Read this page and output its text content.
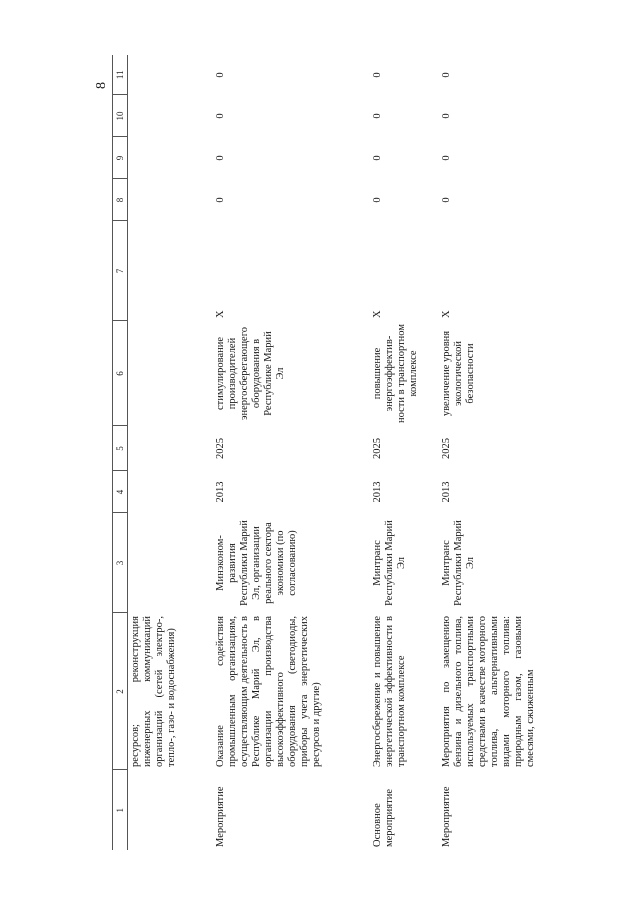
8
1	2	3	4	5	6	7	8	9	10	11
	ресурсов; реконструкция инженерных коммуникаций организаций (сетей электро-, тепло-, газо- и водоснабжения)									
Мероприятие	Оказание содействия промышленным организациям, осуществляющим деятельность в Республике Марий Эл, в организации производства высокоэффективного оборудования (светодиоды, приборы учета энергетических ресурсов и другие)	Минэконом-развития Республики Марий Эл, организации реального сектора экономики (по согласованию)	2013	2025	стимулирование производителей энергосберегающего оборудования в Республике Марий Эл	Х	0	0	0	0
Основное мероприятие	Энергосбережение и повышение энергетической эффективности в транспортном комплексе	Минтранс Республики Марий Эл	2013	2025	повышение энергоэффектив-ности в транспортном комплексе	Х	0	0	0	0
Мероприятие	Мероприятия по замещению бензина и дизельного топлива, используемых транспортными средствами в качестве моторного топлива, альтернативными видами моторного топлива: природным газом, газовыми смесями, сжиженным	Минтранс Республики Марий Эл	2013	2025	увеличение уровня экологической безопасности	Х	0	0	0	0
